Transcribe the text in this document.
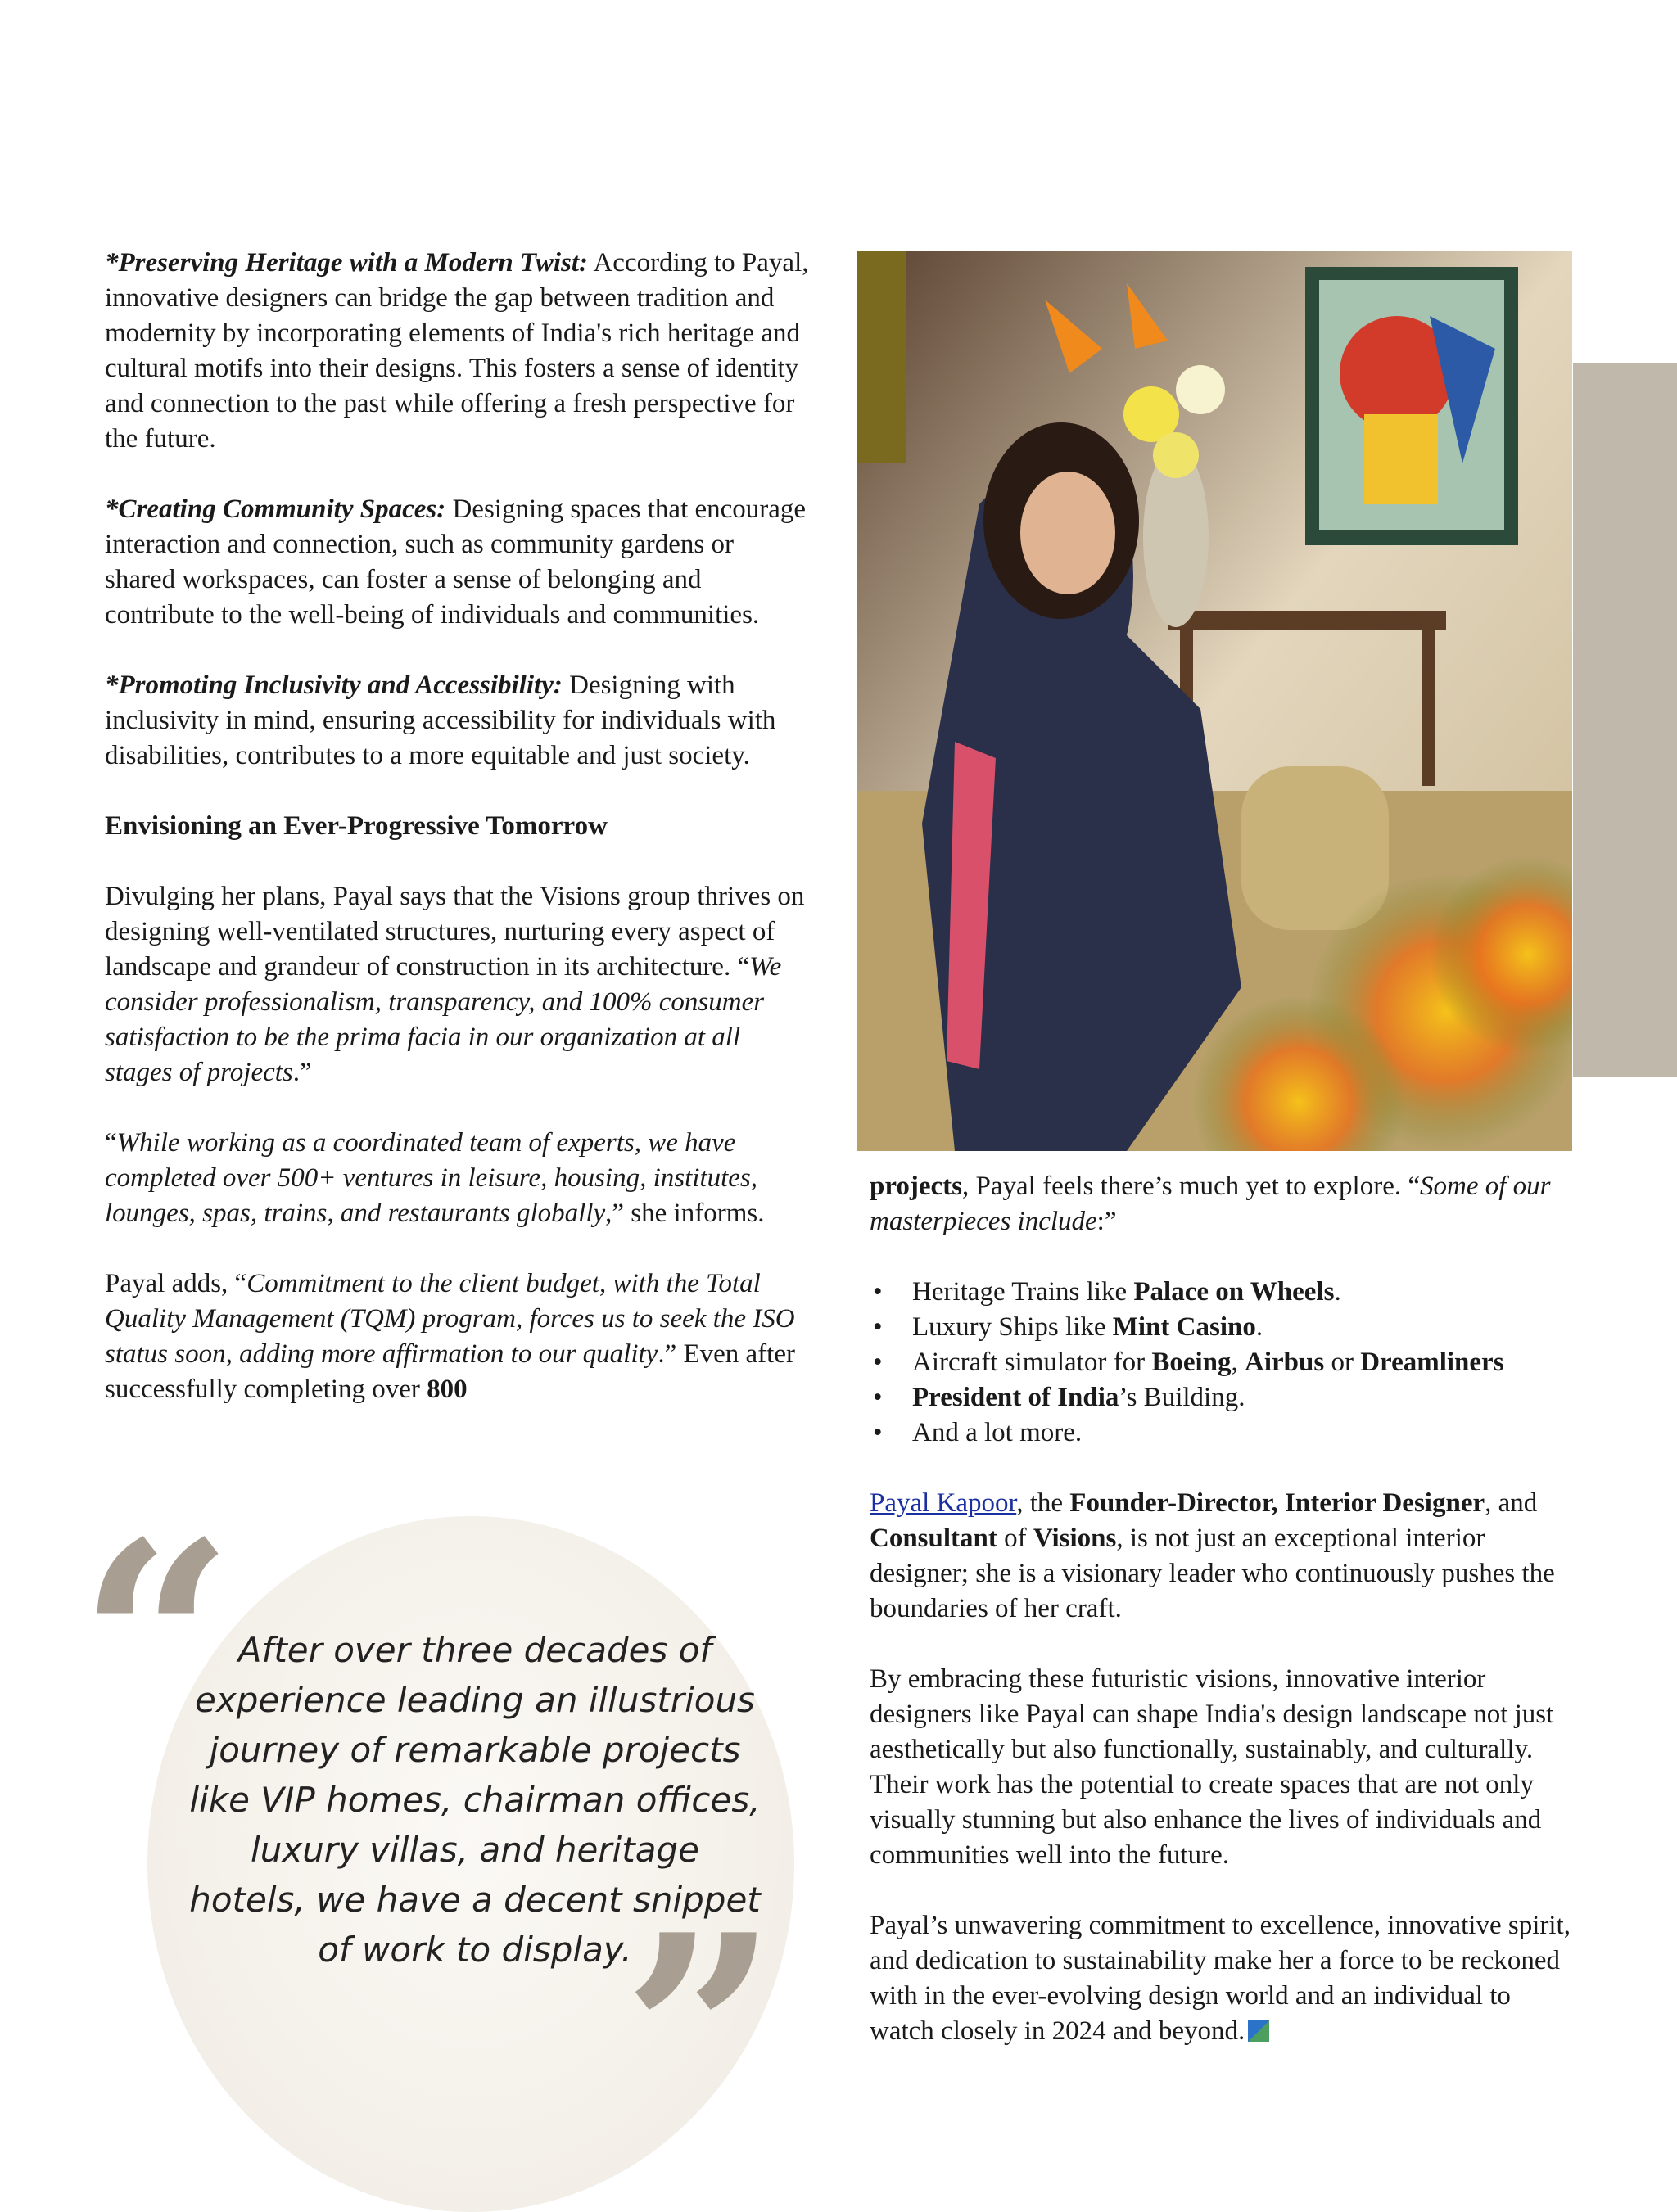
*Preserving Heritage with a Modern Twist: According to Payal, innovative designers can bridge the gap between tradition and modernity by incorporating elements of India's rich heritage and cultural motifs into their designs. This fosters a sense of identity and connection to the past while offering a fresh perspective for the future.

*Creating Community Spaces: Designing spaces that encourage interaction and connection, such as community gardens or shared workspaces, can foster a sense of belonging and contribute to the well-being of individuals and communities.

*Promoting Inclusivity and Accessibility: Designing with inclusivity in mind, ensuring accessibility for individuals with disabilities, contributes to a more equitable and just society.

Envisioning an Ever-Progressive Tomorrow

Divulging her plans, Payal says that the Visions group thrives on designing well-ventilated structures, nurturing every aspect of landscape and grandeur of construction in its architecture. “We consider professionalism, transparency, and 100% consumer satisfaction to be the prima facia in our organization at all stages of projects.”

“While working as a coordinated team of experts, we have completed over 500+ ventures in leisure, housing, institutes, lounges, spas, trains, and restaurants globally,” she informs.

Payal adds, “Commitment to the client budget, with the Total Quality Management (TQM) program, forces us to seek the ISO status soon, adding more affirmation to our quality.” Even after successfully completing over 800

“ After over three decades of experience leading an illustrious journey of remarkable projects like VIP homes, chairman offices, luxury villas, and heritage hotels, we have a decent snippet of work to display.
”

projects, Payal feels there’s much yet to explore. “Some of our masterpieces include:”

• Heritage Trains like Palace on Wheels.
• Luxury Ships like Mint Casino.
• Aircraft simulator for Boeing, Airbus or Dreamliners
• President of India’s Building.
• And a lot more.

Payal Kapoor, the Founder-Director, Interior Designer, and Consultant of Visions, is not just an exceptional interior designer; she is a visionary leader who continuously pushes the boundaries of her craft.

By embracing these futuristic visions, innovative interior designers like Payal can shape India's design landscape not just aesthetically but also functionally, sustainably, and culturally. Their work has the potential to create spaces that are not only visually stunning but also enhance the lives of individuals and communities well into the future.

Payal’s unwavering commitment to excellence, innovative spirit, and dedication to sustainability make her a force to be reckoned with in the ever-evolving design world and an individual to watch closely in 2024 and beyond.
